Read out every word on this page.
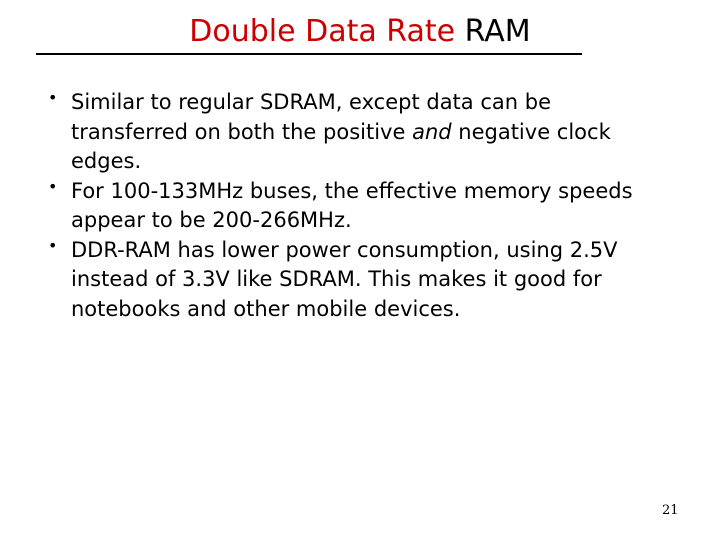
Double Data Rate RAM
• Similar to regular SDRAM, except data can be transferred on both the positive and negative clock edges.
• For 100-133MHz buses, the effective memory speeds appear to be 200-266MHz.
• DDR-RAM has lower power consumption, using 2.5V instead of 3.3V like SDRAM. This makes it good for notebooks and other mobile devices.
21
